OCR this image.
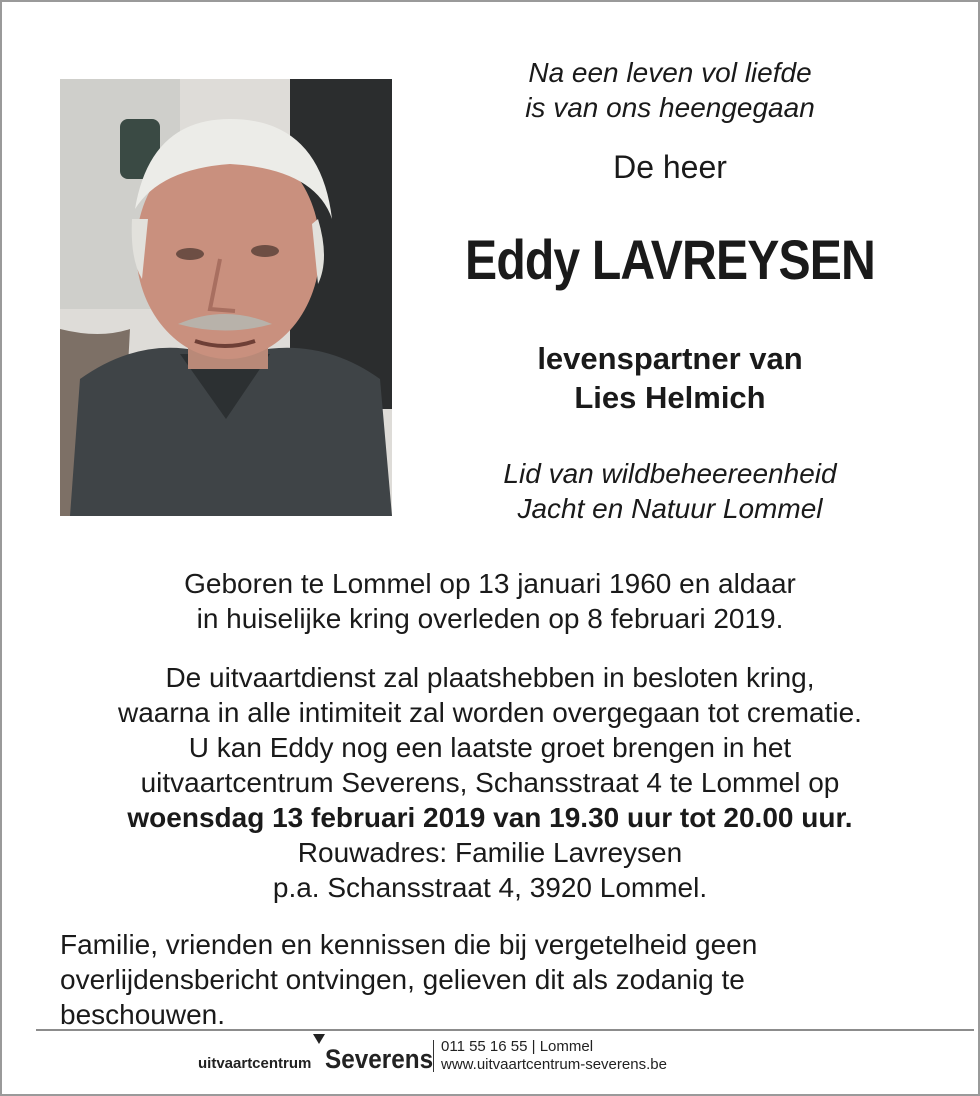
Na een leven vol liefde
is van ons heengegaan
De heer
Eddy LAVREYSEN
levenspartner van
Lies Helmich
Lid van wildbeheereenheid
Jacht en Natuur Lommel
Geboren te Lommel op 13 januari 1960 en aldaar
in huiselijke kring overleden op 8 februari 2019.
De uitvaartdienst zal plaatshebben in besloten kring,
waarna in alle intimiteit zal worden overgegaan tot crematie.
U kan Eddy nog een laatste groet brengen in het
uitvaartcentrum Severens, Schansstraat 4 te Lommel op
woensdag 13 februari 2019 van 19.30 uur tot 20.00 uur.
Rouwadres: Familie Lavreysen
p.a. Schansstraat 4, 3920 Lommel.
Familie, vrienden en kennissen die bij vergetelheid geen
overlijdensbericht ontvingen, gelieven dit als zodanig te
beschouwen.
uitvaartcentrum Severens 011 55 16 55 | Lommel
www.uitvaartcentrum-severens.be
